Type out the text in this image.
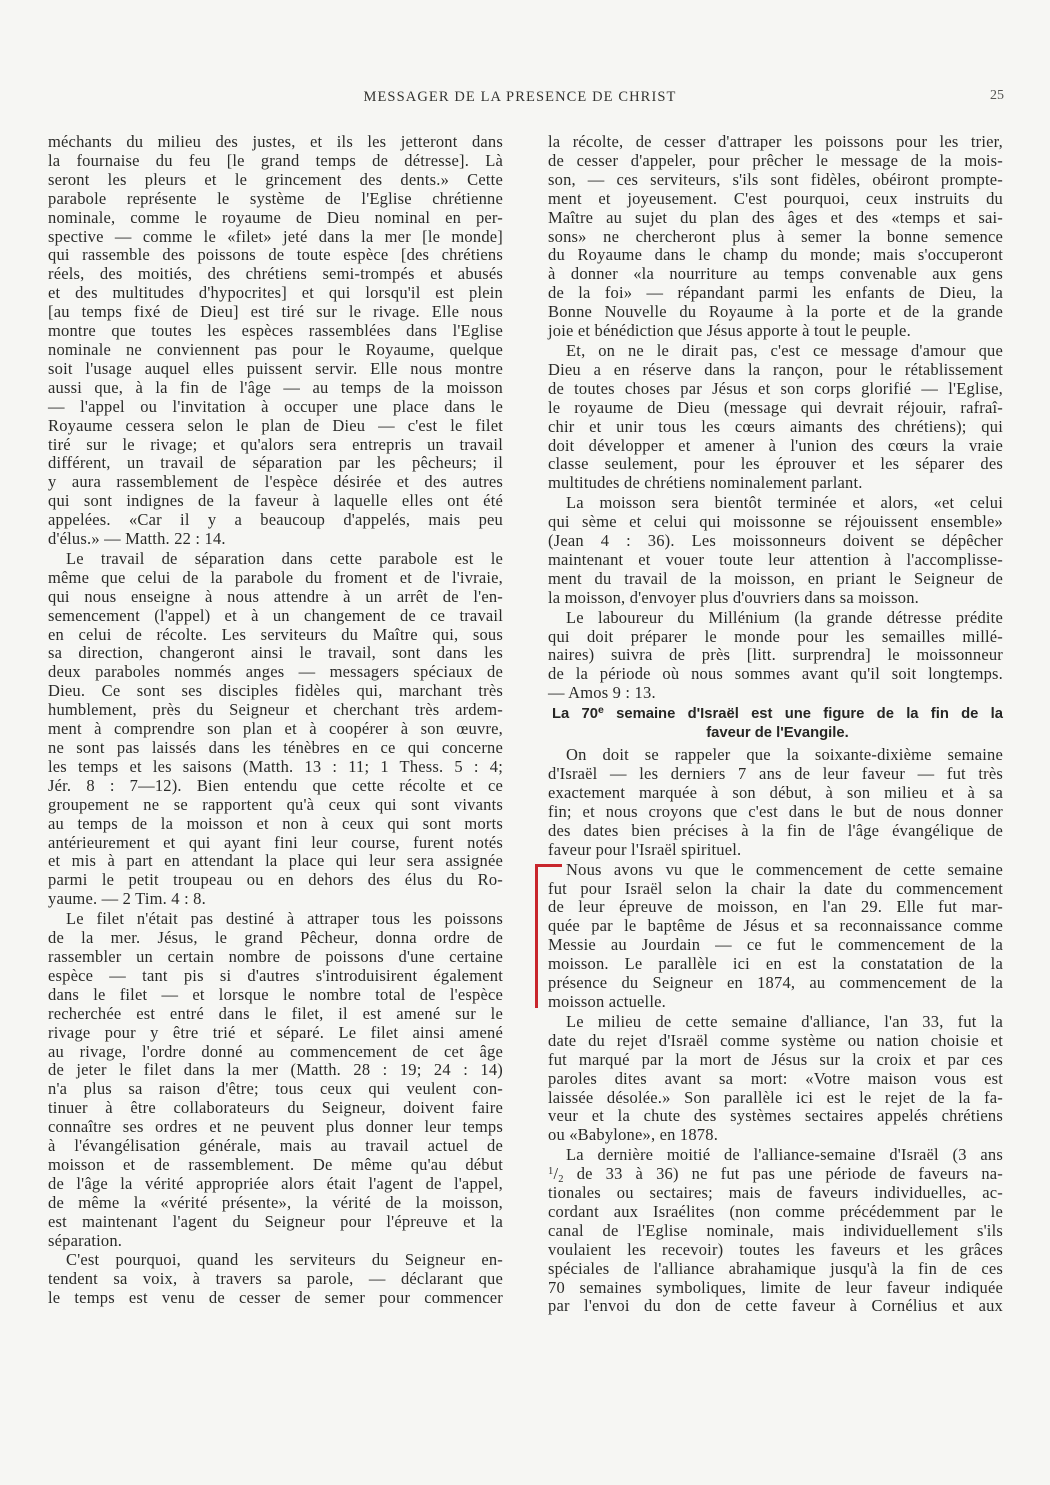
MESSAGER DE LA PRESENCE DE CHRIST	25
méchants du milieu des justes, et ils les jetteront dans
la fournaise du feu [le grand temps de détresse]. Là
seront les pleurs et le grincement des dents.» Cette
parabole représente le système de l'Eglise chrétienne
nominale, comme le royaume de Dieu nominal en per-
spective — comme le «filet» jeté dans la mer [le monde]
qui rassemble des poissons de toute espèce [des chrétiens
réels, des moitiés, des chrétiens semi-trompés et abusés
et des multitudes d'hypocrites] et qui lorsqu'il est plein
[au temps fixé de Dieu] est tiré sur le rivage. Elle nous
montre que toutes les espèces rassemblées dans l'Eglise
nominale ne conviennent pas pour le Royaume, quelque
soit l'usage auquel elles puissent servir. Elle nous montre
aussi que, à la fin de l'âge — au temps de la moisson
— l'appel ou l'invitation à occuper une place dans le
Royaume cessera selon le plan de Dieu — c'est le filet
tiré sur le rivage; et qu'alors sera entrepris un travail
différent, un travail de séparation par les pêcheurs; il
y aura rassemblement de l'espèce désirée et des autres
qui sont indignes de la faveur à laquelle elles ont été
appelées. «Car il y a beaucoup d'appelés, mais peu
d'élus.» — Matth. 22 : 14.
Le travail de séparation dans cette parabole est le
même que celui de la parabole du froment et de l'ivraie,
qui nous enseigne à nous attendre à un arrêt de l'en-
semencement (l'appel) et à un changement de ce travail
en celui de récolte. Les serviteurs du Maître qui, sous
sa direction, changeront ainsi le travail, sont dans les
deux paraboles nommés anges — messagers spéciaux de
Dieu. Ce sont ses disciples fidèles qui, marchant très
humblement, près du Seigneur et cherchant très ardem-
ment à comprendre son plan et à coopérer à son œuvre,
ne sont pas laissés dans les ténèbres en ce qui concerne
les temps et les saisons (Matth. 13 : 11; 1 Thess. 5 : 4;
Jér. 8 : 7—12). Bien entendu que cette récolte et ce
groupement ne se rapportent qu'à ceux qui sont vivants
au temps de la moisson et non à ceux qui sont morts
antérieurement et qui ayant fini leur course, furent notés
et mis à part en attendant la place qui leur sera assignée
parmi le petit troupeau ou en dehors des élus du Ro-
yaume. — 2 Tim. 4 : 8.
Le filet n'était pas destiné à attraper tous les poissons
de la mer. Jésus, le grand Pêcheur, donna ordre de
rassembler un certain nombre de poissons d'une certaine
espèce — tant pis si d'autres s'introduisirent également
dans le filet — et lorsque le nombre total de l'espèce
recherchée est entré dans le filet, il est amené sur le
rivage pour y être trié et séparé. Le filet ainsi amené
au rivage, l'ordre donné au commencement de cet âge
de jeter le filet dans la mer (Matth. 28 : 19; 24 : 14)
n'a plus sa raison d'être; tous ceux qui veulent con-
tinuer à être collaborateurs du Seigneur, doivent faire
connaître ses ordres et ne peuvent plus donner leur temps
à l'évangélisation générale, mais au travail actuel de
moisson et de rassemblement. De même qu'au début
de l'âge la vérité appropriée alors était l'agent de l'appel,
de même la «vérité présente», la vérité de la moisson,
est maintenant l'agent du Seigneur pour l'épreuve et la
séparation.
C'est pourquoi, quand les serviteurs du Seigneur en-
tendent sa voix, à travers sa parole, — déclarant que
le temps est venu de cesser de semer pour commencer
la récolte, de cesser d'attraper les poissons pour les trier,
de cesser d'appeler, pour prêcher le message de la mois-
son, — ces serviteurs, s'ils sont fidèles, obéiront prompte-
ment et joyeusement. C'est pourquoi, ceux instruits du
Maître au sujet du plan des âges et des «temps et sai-
sons» ne chercheront plus à semer la bonne semence
du Royaume dans le champ du monde; mais s'occuperont
à donner «la nourriture au temps convenable aux gens
de la foi» — répandant parmi les enfants de Dieu, la
Bonne Nouvelle du Royaume à la porte et de la grande
joie et bénédiction que Jésus apporte à tout le peuple.
Et, on ne le dirait pas, c'est ce message d'amour que
Dieu a en réserve dans la rançon, pour le rétablissement
de toutes choses par Jésus et son corps glorifié — l'Eglise,
le royaume de Dieu (message qui devrait réjouir, rafraî-
chir et unir tous les cœurs aimants des chrétiens); qui
doit développer et amener à l'union des cœurs la vraie
classe seulement, pour les éprouver et les séparer des
multitudes de chrétiens nominalement parlant.
La moisson sera bientôt terminée et alors, «et celui
qui sème et celui qui moissonne se réjouissent ensemble»
(Jean 4 : 36). Les moissonneurs doivent se dépêcher
maintenant et vouer toute leur attention à l'accomplisse-
ment du travail de la moisson, en priant le Seigneur de
la moisson, d'envoyer plus d'ouvriers dans sa moisson.
Le laboureur du Millénium (la grande détresse prédite
qui doit préparer le monde pour les semailles millé-
naires) suivra de près [litt. surprendra] le moissonneur
de la période où nous sommes avant qu'il soit longtemps.
— Amos 9 : 13.
La 70e semaine d'Israël est une figure de la fin de la
faveur de l'Evangile.
On doit se rappeler que la soixante-dixième semaine
d'Israël — les derniers 7 ans de leur faveur — fut très
exactement marquée à son début, à son milieu et à sa
fin; et nous croyons que c'est dans le but de nous donner
des dates bien précises à la fin de l'âge évangélique de
faveur pour l'Israël spirituel.
Nous avons vu que le commencement de cette semaine
fut pour Israël selon la chair la date du commencement
de leur épreuve de moisson, en l'an 29. Elle fut mar-
quée par le baptême de Jésus et sa reconnaissance comme
Messie au Jourdain — ce fut le commencement de la
moisson. Le parallèle ici en est la constatation de la
présence du Seigneur en 1874, au commencement de la
moisson actuelle.
Le milieu de cette semaine d'alliance, l'an 33, fut la
date du rejet d'Israël comme système ou nation choisie et
fut marqué par la mort de Jésus sur la croix et par ces
paroles dites avant sa mort: «Votre maison vous est
laissée désolée.» Son parallèle ici est le rejet de la fa-
veur et la chute des systèmes sectaires appelés chrétiens
ou «Babylone», en 1878.
La dernière moitié de l'alliance-semaine d'Israël (3 ans
$^1$/2 de 33 à 36) ne fut pas une période de faveurs na-
tionales ou sectaires; mais de faveurs individuelles, ac-
cordant aux Israélites (non comme précédemment par le
canal de l'Eglise nominale, mais individuellement s'ils
voulaient les recevoir) toutes les faveurs et les grâces
spéciales de l'alliance abrahamique jusqu'à la fin de ces
70 semaines symboliques, limite de leur faveur indiquée
par l'envoi du don de cette faveur à Cornélius et aux
